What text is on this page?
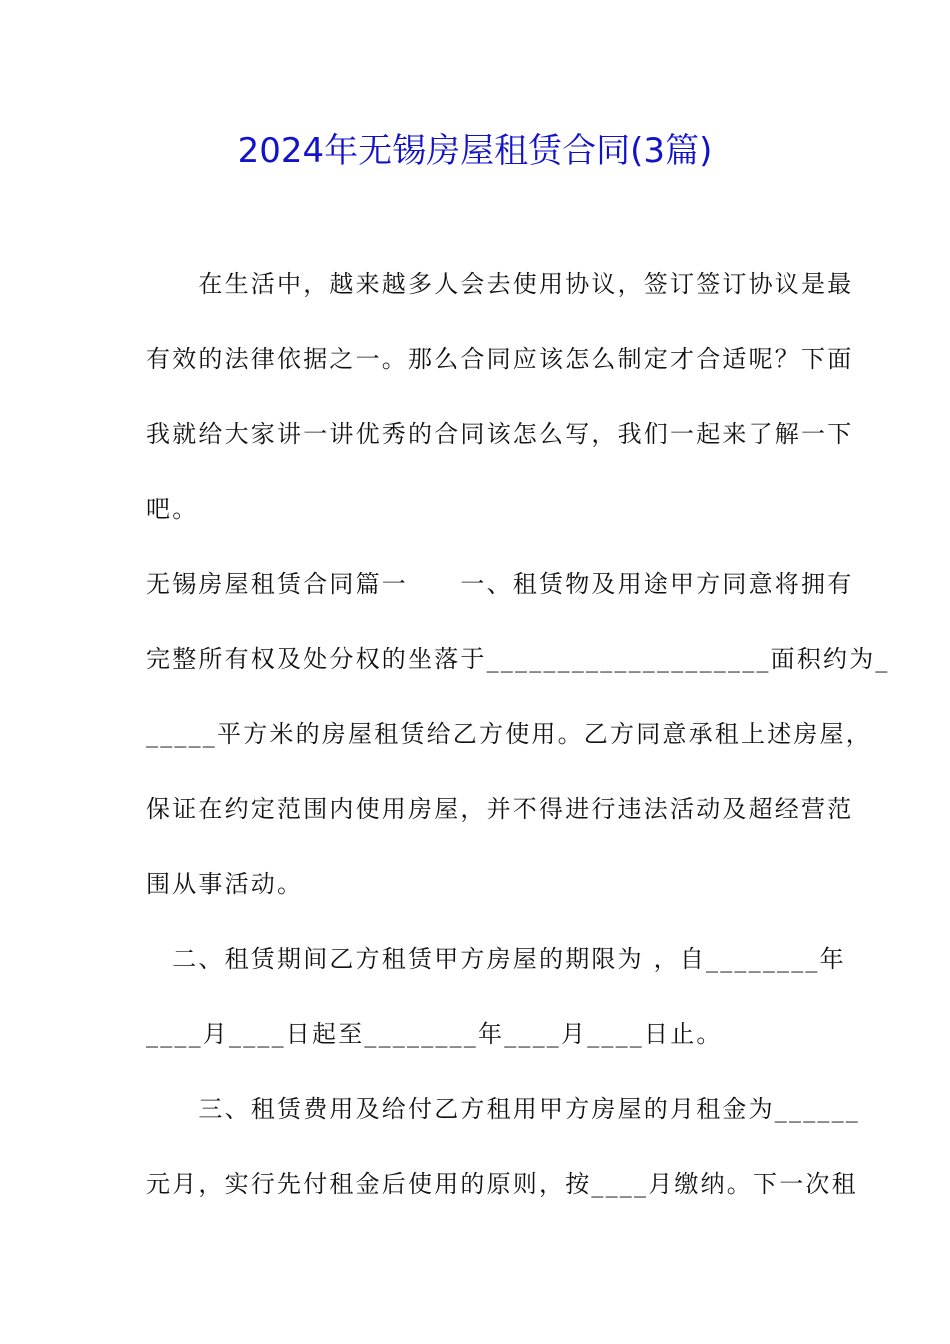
2024年无锡房屋租赁合同(3篇)
　　在生活中，越来越多人会去使用协议，签订签订协议是最
有效的法律依据之一。那么合同应该怎么制定才合适呢？下面
我就给大家讲一讲优秀的合同该怎么写，我们一起来了解一下
吧。
无锡房屋租赁合同篇一　　一、租赁物及用途甲方同意将拥有
完整所有权及处分权的坐落于____________________面积约为_
_____平方米的房屋租赁给乙方使用。乙方同意承租上述房屋，
保证在约定范围内使用房屋，并不得进行违法活动及超经营范
围从事活动。
　二、租赁期间乙方租赁甲方房屋的期限为 ，自________年
____月____日起至________年____月____日止。
　　三、租赁费用及给付乙方租用甲方房屋的月租金为______
元月，实行先付租金后使用的原则，按____月缴纳。下一次租
